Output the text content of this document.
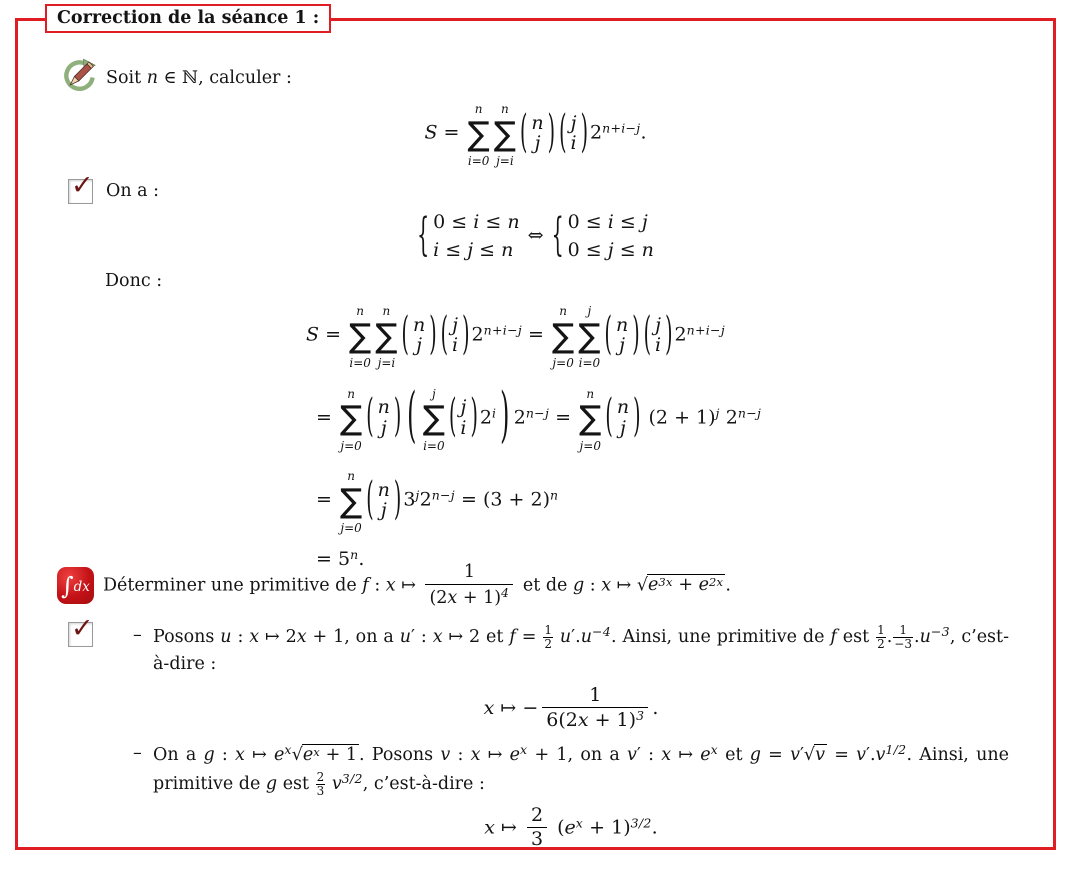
Correction de la séance 1 :
Soit n ∈ ℕ, calculer :
S =
n
∑
i=0
n
∑
j=i
( n
j ) ( j
i ) $2^{n+i-j}$.
✓ On a :
{ 0 ≤ i ≤ n
i ≤ j ≤ n
⇔ { 0 ≤ i ≤ j
0 ≤ j ≤ n
Donc :
S =
n
∑
i=0
n
∑
j=i
( n
j ) ( j
i ) $2^{n+i-j}$ =
n
∑
j=0
j
∑
i=0
( n
j ) ( j
i ) $2^{n+i-j}$
=
n
∑
j=0
( n
j ) ( j
∑
i=0
( j
i ) 2$^i$ ) $2^{n-j}$ =
n
∑
j=0
( n
j ) $(2 + 1)^j$ $2^{n-j}$
=
n
∑
j=0
( n
j ) $3^j2^{n-j} = (3 + 2)^n$
= $5^n$.
∫ dx Déterminer une primitive de f : x ↦ $\frac{1}{(2x + 1)^4}$ et de g : x ↦ $√e^{3x} + e^{2x}$ .
✓ – Posons u : x ↦ 2x + 1, on a u′ : x ↦ 2 et $f = \frac{1}{2} u'.u^{-4}$. Ainsi, une primitive de f est $\frac{1}{2}$ . $\frac{1}{-3} .u^{-3}$, c’est-à-dire :
x ↦ − $\frac{1}{6(2x + 1)^3}$ .
– On a g : x ↦ $e^x√e^x + 1$ . Posons v : x ↦ $e^x + 1$, on a v′ : x ↦ $e^x$ et $g = v'√v = v'.v^{1/2}$. Ainsi, une primitive de g est $\frac{2}{3} v^{3/2}$, c’est-à-dire :
x ↦ $\frac{2}{3} (e^x + 1)^{3/2}$.
